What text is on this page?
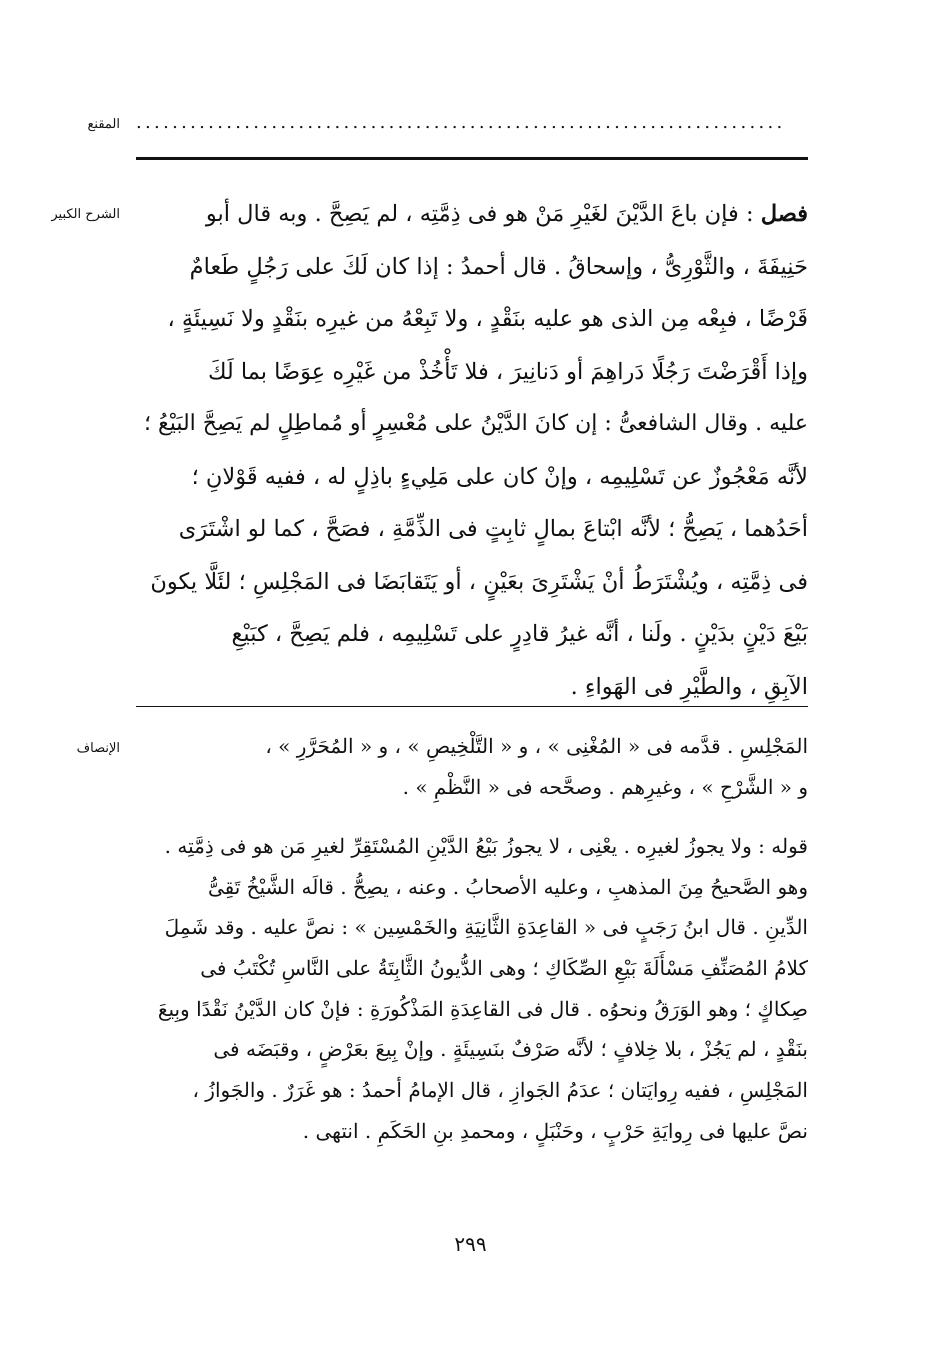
المقنع ........................................................................
الشرح الكبير	فصل : فإن باعَ الدَّيْنَ لغَيْرِ مَنْ هو فى ذِمَّتِه ، لم يَصِحَّ . وبه قال أبو
حَنِيفَةَ ، والثَّوْرِىُّ ، وإسحاقُ . قال أحمدُ : إذا كان لَكَ على رَجُلٍ طَعامٌ
قَرْضًا ، فبِعْه مِن الذى هو عليه بنَقْدٍ ، ولا تَبِعْهُ من غيرِه بنَقْدٍ ولا نَسِيئَةٍ ،
وإذا أَقْرَضْتَ رَجُلًا دَراهِمَ أو دَنانِيرَ ، فلا تَأْخُذْ من غَيْرِه عِوَضًا بما لَكَ
عليه . وقال الشافعىُّ : إن كانَ الدَّيْنُ على مُعْسِرٍ أو مُماطِلٍ لم يَصِحَّ البَيْعُ ؛
لأنَّه مَعْجُوزٌ عن تَسْلِيمِه ، وإنْ كان على مَلِيءٍ باذِلٍ له ، ففيه قَوْلانِ ؛
أحَدُهما ، يَصِحُّ ؛ لأنَّه ابْتاعَ بمالٍ ثابِتٍ فى الذِّمَّةِ ، فصَحَّ ، كما لو اشْتَرَى
فى ذِمَّتِه ، ويُشْتَرَطُ أنْ يَشْتَرِىَ بعَيْنٍ ، أو يَتَقابَضَا فى المَجْلِسِ ؛ لئَلَّا يكونَ
بَيْعَ دَيْنٍ بدَيْنٍ . ولَنا ، أنَّه غيرُ قادِرٍ على تَسْلِيمِه ، فلم يَصِحَّ ، كبَيْعِ
الآبِقِ ، والطَّيْرِ فى الهَواءِ .
الإنصاف	المَجْلِسِ . قدَّمه فى « المُغْنِى » ، و « التَّلْخِيصِ » ، و « المُحَرَّرِ » ،
و « الشَّرْحِ » ، وغيرِهم . وصحَّحه فى « النَّظْمِ » .
قوله : ولا يجوزُ لغيرِه . يعْنِى ، لا يجوزُ بَيْعُ الدَّيْنِ المُسْتَقِرِّ لغيرِ مَن هو فى ذِمَّتِه .
وهو الصَّحيحُ مِنَ المذهبِ ، وعليه الأصحابُ . وعنه ، يصِحُّ . قالَه الشَّيْخُ تَقِىُّ
الدِّينِ . قال ابنُ رَجَبٍ فى « القاعِدَةِ الثَّانِيَةِ والخَمْسِين » : نصَّ عليه . وقد شَمِلَ
كلامُ المُصَنِّفِ مَسْأَلَةَ بَيْعِ الصِّكَاكِ ؛ وهى الدُّيونُ الثَّابِتَةُ على النَّاسِ تُكْتَبُ فى
صِكاكٍ ؛ وهو الوَرَقُ ونحوُه . قال فى القاعِدَةِ المَذْكُورَةِ : فإنْ كان الدَّيْنُ نَقْدًا وبِيعَ
بنَقْدٍ ، لم يَجُزْ ، بلا خِلافٍ ؛ لأنَّه صَرْفٌ بنَسِيئَةٍ . وإنْ بِيعَ بعَرْضٍ ، وقبَضَه فى
المَجْلِسِ ، ففيه رِوايَتان ؛ عدَمُ الجَوازِ ، قال الإمامُ أحمدُ : هو غَرَرٌ . والجَوازُ ،
نصَّ عليها فى رِوايَةِ حَرْبٍ ، وحَنْبَلٍ ، ومحمدِ بنِ الحَكَمِ . انتهى .
٢٩٩
